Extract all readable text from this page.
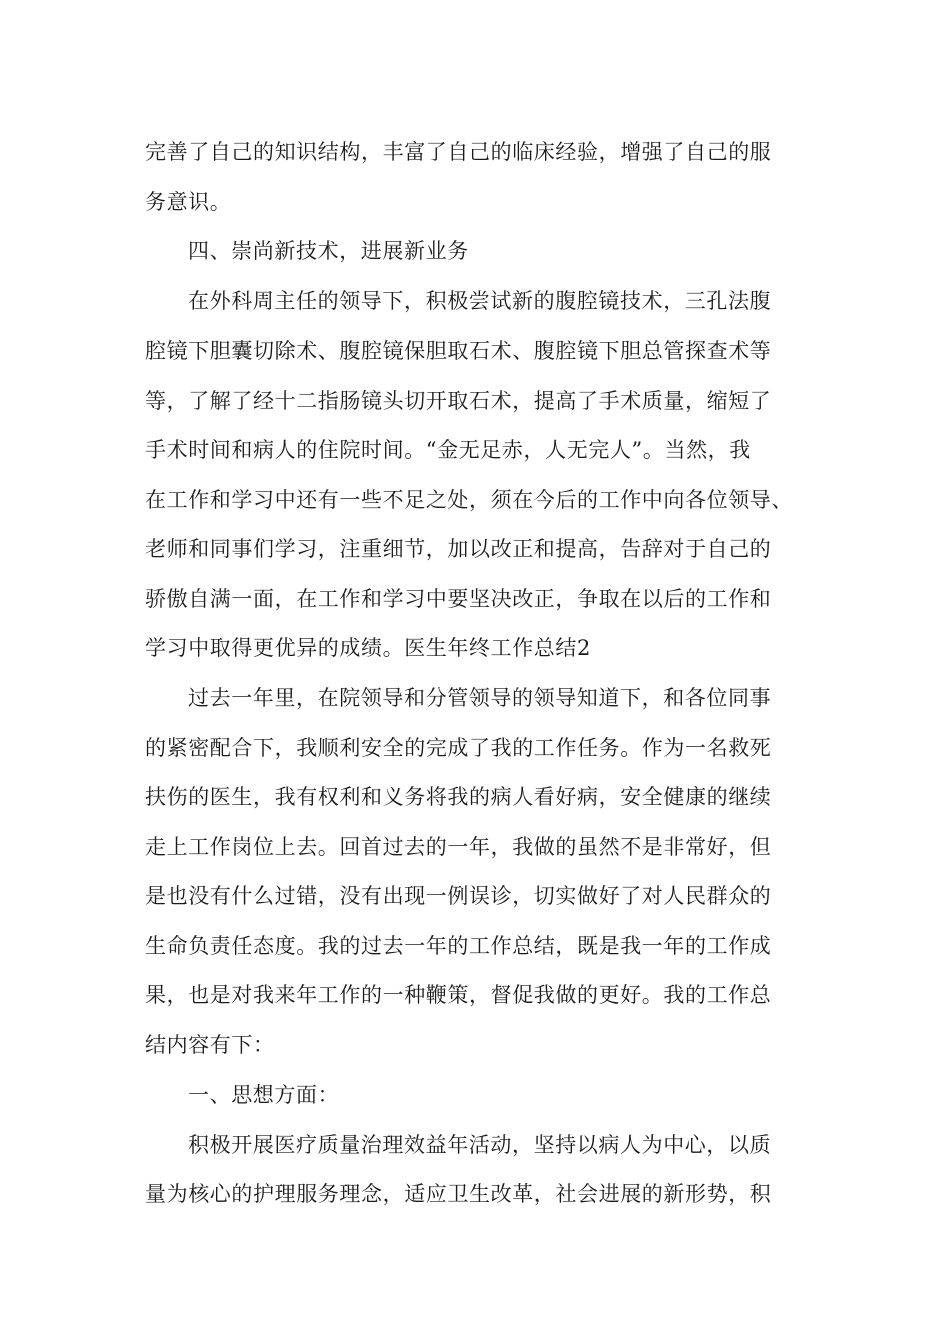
完善了自己的知识结构，丰富了自己的临床经验，增强了自己的服

务意识。

四、崇尚新技术，进展新业务

在外科周主任的领导下，积极尝试新的腹腔镜技术，三孔法腹

腔镜下胆囊切除术、腹腔镜保胆取石术、腹腔镜下胆总管探查术等

等，了解了经十二指肠镜头切开取石术，提高了手术质量，缩短了

手术时间和病人的住院时间。“金无足赤，人无完人”。当然，我

在工作和学习中还有一些不足之处，须在今后的工作中向各位领导、

老师和同事们学习，注重细节，加以改正和提高，告辞对于自己的

骄傲自满一面，在工作和学习中要坚决改正，争取在以后的工作和

学习中取得更优异的成绩。医生年终工作总结2

过去一年里，在院领导和分管领导的领导知道下，和各位同事

的紧密配合下，我顺利安全的完成了我的工作任务。作为一名救死

扶伤的医生，我有权利和义务将我的病人看好病，安全健康的继续

走上工作岗位上去。回首过去的一年，我做的虽然不是非常好，但

是也没有什么过错，没有出现一例误诊，切实做好了对人民群众的

生命负责任态度。我的过去一年的工作总结，既是我一年的工作成

果，也是对我来年工作的一种鞭策，督促我做的更好。我的工作总

结内容有下：

一、思想方面：

积极开展医疗质量治理效益年活动，坚持以病人为中心，以质

量为核心的护理服务理念，适应卫生改革，社会进展的新形势，积
